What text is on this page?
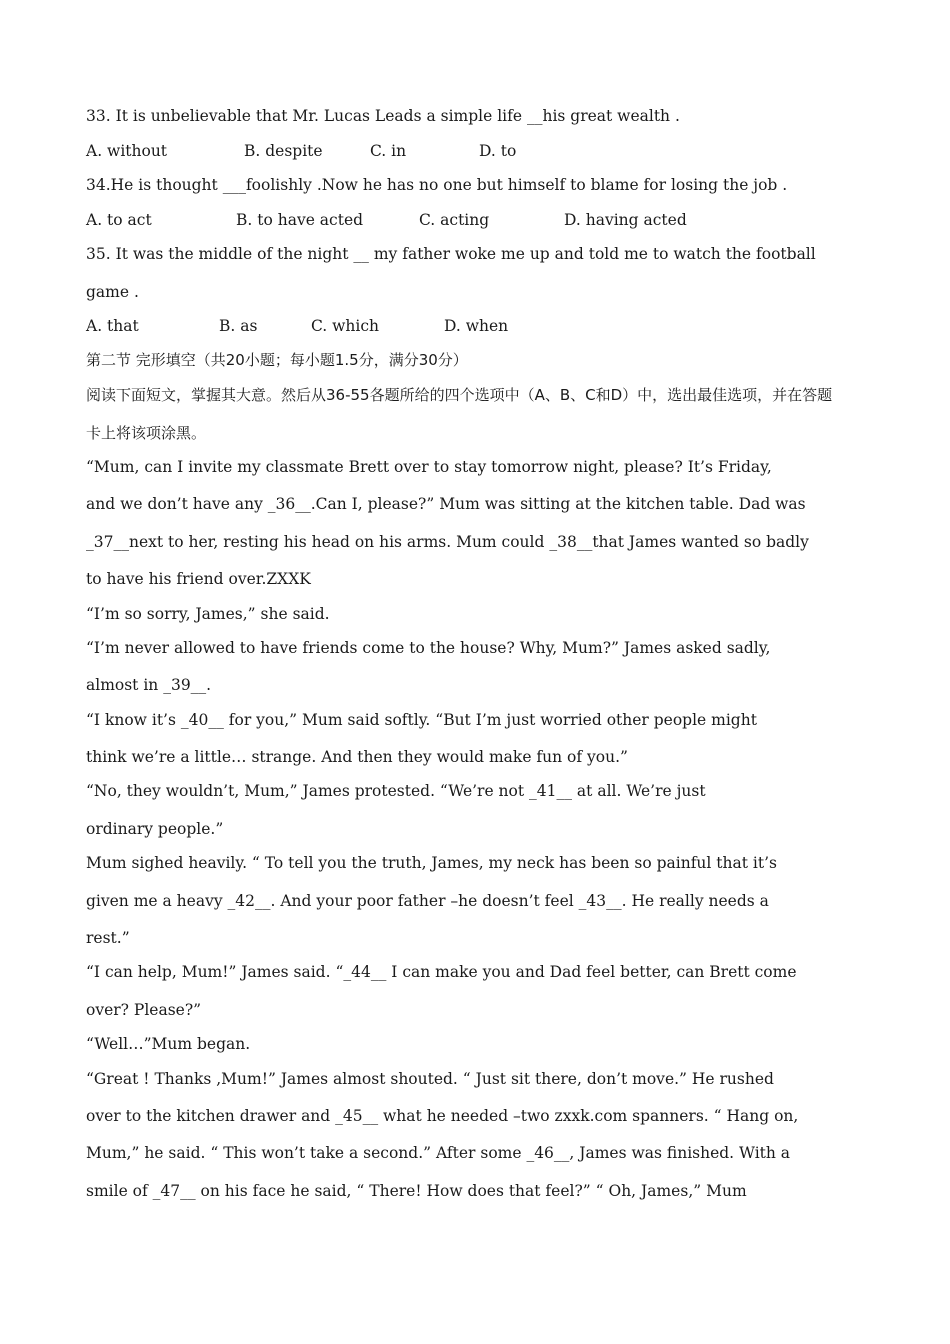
33. It is unbelievable that Mr. Lucas Leads a simple life __his great wealth .
A. without	B. despite	C. in	D. to
34.He is thought ___foolishly .Now he has no one but himself to blame for losing the job .
A. to act	B. to have acted	C. acting	D. having acted
35. It was the middle of the night __ my father woke me up and told me to watch the football
game .
A. that	B. as	C. which	D. when
第二节 完形填空（共20小题；每小题1.5分，满分30分）
阅读下面短文，掌握其大意。然后从36-55各题所给的四个选项中（A、B、C和D）中，选出最佳选项，并在答题
卡上将该项涂黑。
“Mum, can I invite my classmate Brett over to stay tomorrow night, please? It’s Friday,
and we don’t have any _36__.Can I, please?” Mum was sitting at the kitchen table. Dad was
_37__next to her, resting his head on his arms. Mum could _38__that James wanted so badly
to have his friend over.ZXXK
“I’m so sorry, James,” she said.
“I’m never allowed to have friends come to the house? Why, Mum?” James asked sadly,
almost in _39__.
“I know it’s _40__ for you,” Mum said softly. “But I’m just worried other people might
think we’re a little… strange. And then they would make fun of you.”
“No, they wouldn’t, Mum,” James protested. “We’re not _41__ at all. We’re just
ordinary people.”
Mum sighed heavily. “ To tell you the truth, James, my neck has been so painful that it’s
given me a heavy _42__. And your poor father –he doesn’t feel _43__. He really needs a
rest.”
“I can help, Mum!” James said. “_44__ I can make you and Dad feel better, can Brett come
over? Please?”
“Well…”Mum began.
“Great ! Thanks ,Mum!” James almost shouted. “ Just sit there, don’t move.” He rushed
over to the kitchen drawer and _45__ what he needed –two zxxk.com spanners. “ Hang on,
Mum,” he said. “ This won’t take a second.” After some _46__, James was finished. With a
smile of _47__ on his face he said, “ There! How does that feel?” “ Oh, James,” Mum
